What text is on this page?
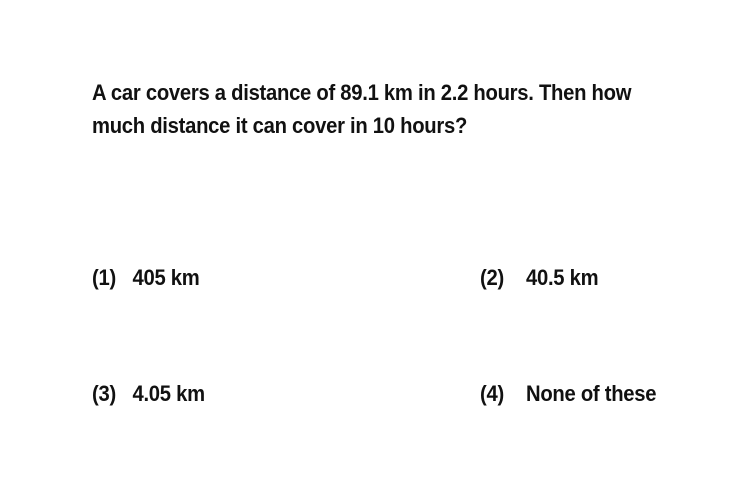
A car covers a distance of 89.1 km in 2.2 hours. Then how
much distance it can cover in 10 hours?
(1) 405 km	(2) 40.5 km
(3) 4.05 km	(4) None of these
